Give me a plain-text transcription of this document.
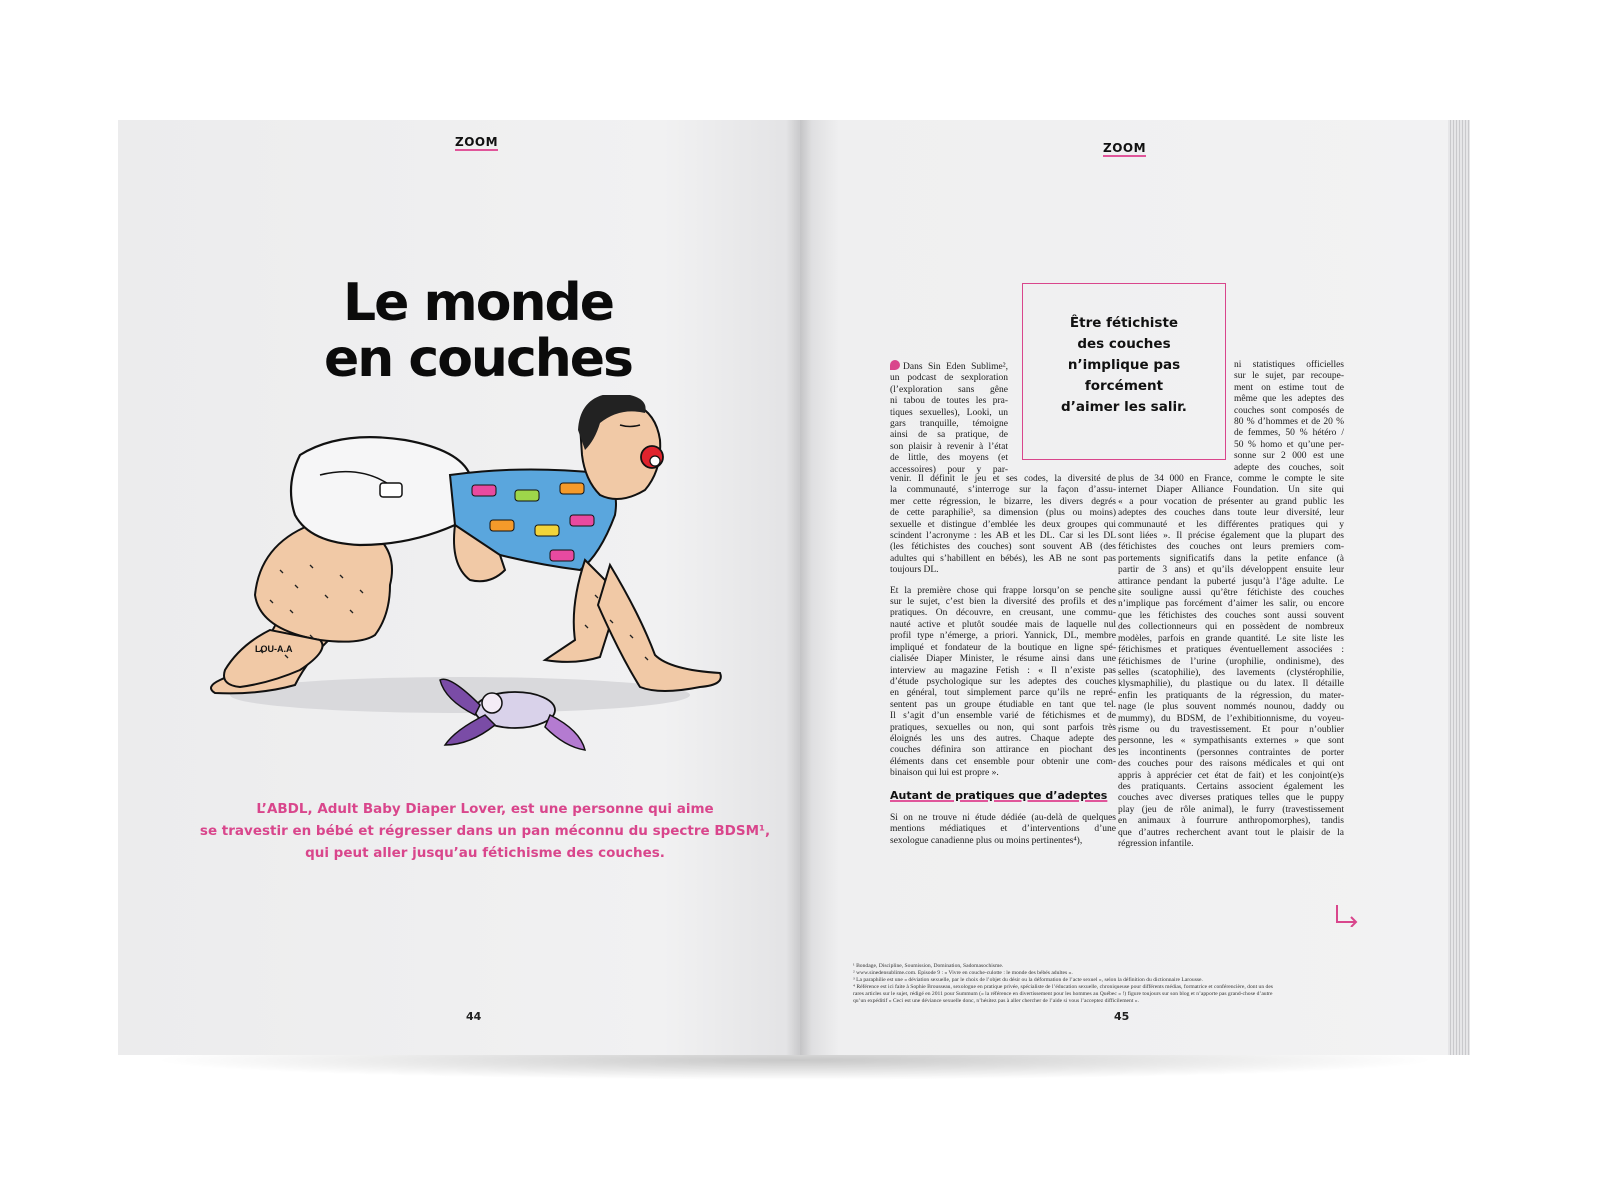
ZOOM
Le monde
en couches
LOU-A.A
L’ABDL, Adult Baby Diaper Lover, est une personne qui aime
se travestir en bébé et régresser dans un pan méconnu du spectre BDSM¹,
qui peut aller jusqu’au fétichisme des couches.
44
ZOOM
Être fétichiste
des couches
n’implique pas
forcément
d’aimer les salir.
Dans Sin Eden Sublime²,
un podcast de sexploration
(l’exploration sans gêne
ni tabou de toutes les pra-
tiques sexuelles), Looki, un
gars tranquille, témoigne
ainsi de sa pratique, de
son plaisir à revenir à l’état
de little, des moyens (et
accessoires) pour y par-

venir. Il définit le jeu et ses codes, la diversité de
la communauté, s’interroge sur la façon d’assu-
mer cette régression, le bizarre, les divers degrés
de cette paraphilie³, sa dimension (plus ou moins)
sexuelle et distingue d’emblée les deux groupes qui
scindent l’acronyme : les AB et les DL. Car si les DL
(les fétichistes des couches) sont souvent AB (des
adultes qui s’habillent en bébés), les AB ne sont pas
toujours DL.

Et la première chose qui frappe lorsqu’on se penche
sur le sujet, c’est bien la diversité des profils et des
pratiques. On découvre, en creusant, une commu-
nauté active et plutôt soudée mais de laquelle nul
profil type n’émerge, a priori. Yannick, DL, membre
impliqué et fondateur de la boutique en ligne spé-
cialisée Diaper Minister, le résume ainsi dans une
interview au magazine Fetish : « Il n’existe pas
d’étude psychologique sur les adeptes des couches
en général, tout simplement parce qu’ils ne repré-
sentent pas un groupe étudiable en tant que tel.
Il s’agit d’un ensemble varié de fétichismes et de
pratiques, sexuelles ou non, qui sont parfois très
éloignés les uns des autres. Chaque adepte des
couches définira son attirance en piochant des
éléments dans cet ensemble pour obtenir une com-
binaison qui lui est propre ».

Autant de pratiques que d’adeptes

Si on ne trouve ni étude dédiée (au-delà de quelques
mentions médiatiques et d’interventions d’une
sexologue canadienne plus ou moins pertinentes⁴),

ni statistiques officielles
sur le sujet, par recoupe-
ment on estime tout de
même que les adeptes des
couches sont composés de
80 % d’hommes et de 20 %
de femmes, 50 % hétéro /
50 % homo et qu’une per-
sonne sur 2 000 est une
adepte des couches, soit
plus de 34 000 en France, comme le compte le site
internet Diaper Alliance Foundation. Un site qui
« a pour vocation de présenter au grand public les
adeptes des couches dans toute leur diversité, leur
communauté et les différentes pratiques qui y
sont liées ». Il précise également que la plupart des
fétichistes des couches ont leurs premiers com-
portements significatifs dans la petite enfance (à
partir de 3 ans) et qu’ils développent ensuite leur
attirance pendant la puberté jusqu’à l’âge adulte. Le
site souligne aussi qu’être fétichiste des couches
n’implique pas forcément d’aimer les salir, ou encore
que les fétichistes des couches sont aussi souvent
des collectionneurs qui en possèdent de nombreux
modèles, parfois en grande quantité. Le site liste les
fétichismes et pratiques éventuellement associées :
fétichismes de l’urine (urophilie, ondinisme), des
selles (scatophilie), des lavements (clystérophilie,
klysmaphilie), du plastique ou du latex. Il détaille
enfin les pratiquants de la régression, du mater-
nage (le plus souvent nommés nounou, daddy ou
mummy), du BDSM, de l’exhibitionnisme, du voyeu-
risme ou du travestissement. Et pour n’oublier
personne, les « sympathisants externes » que sont
les incontinents (personnes contraintes de porter
des couches pour des raisons médicales et qui ont
appris à apprécier cet état de fait) et les conjoint(e)s
des pratiquants. Certains associent également les
couches avec diverses pratiques telles que le puppy
play (jeu de rôle animal), le furry (travestissement
en animaux à fourrure anthropomorphes), tandis
que d’autres recherchent avant tout le plaisir de la
régression infantile.
¹ Bondage, Discipline, Soumission, Domination, Sadomasochisme.
² www.sinedensublime.com. Épisode 9 : « Vivre en couche-culotte : le monde des bébés adultes ».
³ La paraphilie est une « déviation sexuelle, par le choix de l’objet du désir ou la déformation de l’acte sexuel », selon la définition du dictionnaire Larousse.
⁴ Référence est ici faite à Sophie Brousseau, sexologue en pratique privée, spécialiste de l’éducation sexuelle, chroniqueuse pour différents médias, formatrice et conférencière, dont un des
rares articles sur le sujet, rédigé en 2011 pour Summum (« la référence en divertissement pour les hommes au Québec » !) figure toujours sur son blog et n’apporte pas grand-chose d’autre
qu’un expéditif « Ceci est une déviance sexuelle donc, n’hésitez pas à aller chercher de l’aide si vous l’acceptez difficilement ».
45
